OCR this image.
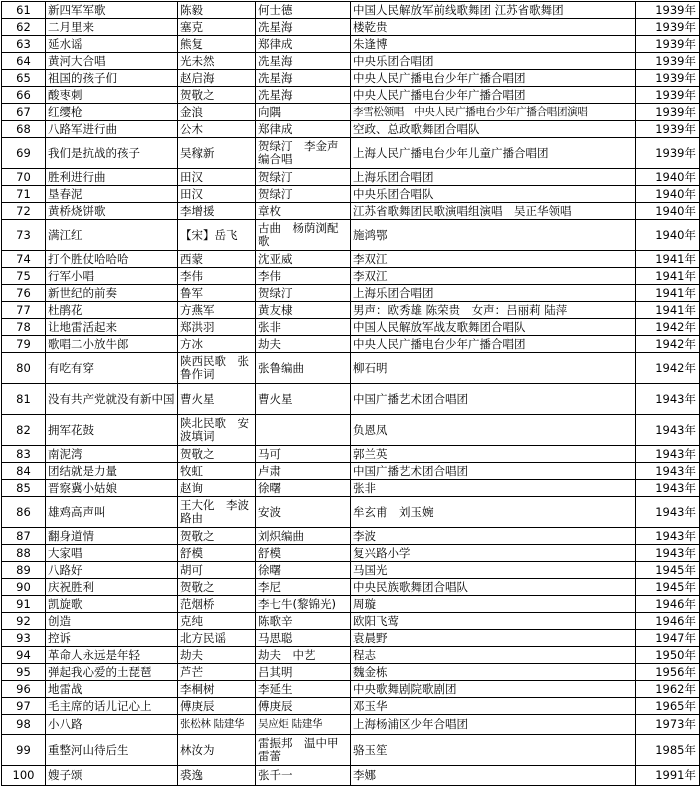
61	新四军军歌	陈毅	何士德	中国人民解放军前线歌舞团 江苏省歌舞团	1939年
62	二月里来	塞克	冼星海	楼乾贵	1939年
63	延水谣	熊复	郑律成	朱逢博	1939年
64	黄河大合唱	光未然	冼星海	中央乐团合唱团	1939年
65	祖国的孩子们	赵启海	冼星海	中央人民广播电台少年广播合唱团	1939年
66	酸枣刺	贺敬之	冼星海	中央人民广播电台少年广播合唱团	1939年
67	红缨枪	金浪	向隅	李雪松领唱　中央人民广播电台少年广播合唱团演唱	1939年
68	八路军进行曲	公木	郑律成	空政、总政歌舞团合唱队	1939年
69	我们是抗战的孩子	吴稼新	贺绿汀　李金声编合唱	上海人民广播电台少年儿童广播合唱团	1939年
70	胜利进行曲	田汉	贺绿汀	上海乐团合唱团	1940年
71	垦春泥	田汉	贺绿汀	中央乐团合唱队	1940年
72	黄桥烧饼歌	李增援	章枚	江苏省歌舞团民歌演唱组演唱　吴正华领唱	1940年
73	满江红	【宋】岳飞	古曲　杨荫浏配歌	施鸿鄂	1940年
74	打个胜仗哈哈哈	西蒙	沈亚威	李双江	1941年
75	行军小唱	李伟	李伟	李双江	1941年
76	新世纪的前奏	鲁军	贺绿汀	上海乐团合唱团	1941年
77	杜鹃花	方燕军	黄友棣	男声：欧秀雄 陈荣贵　女声：吕丽莉 陆萍	1941年
78	让地雷活起来	郑洪羽	张非	中国人民解放军战友歌舞团合唱队	1942年
79	歌唱二小放牛郎	方冰	劫夫	中央人民广播电台少年广播合唱团	1942年
80	有吃有穿	陕西民歌　张鲁作词	张鲁编曲	柳石明	1942年
81	没有共产党就没有新中国	曹火星	曹火星	中国广播艺术团合唱团	1943年
82	拥军花鼓	陕北民歌　安波填词		负恩凤	1943年
83	南泥湾	贺敬之	马可	郭兰英	1943年
84	团结就是力量	牧虹	卢肃	中国广播艺术团合唱团	1943年
85	晋察冀小姑娘	赵询	徐曙	张非	1943年
86	雄鸡高声叫	王大化　李波路由	安波	牟玄甫　刘玉婉	1943年
87	翻身道情	贺敬之	刘炽编曲	李波	1943年
88	大家唱	舒模	舒模	复兴路小学	1943年
89	八路好	胡可	徐曙	马国光	1945年
90	庆祝胜利	贺敬之	李尼	中央民族歌舞团合唱队	1945年
91	凯旋歌	范烟桥	李七牛(黎锦光)	周璇	1946年
92	创造	克纯	陈歌辛	欧阳飞莺	1946年
93	控诉	北方民谣	马思聪	袁晨野	1947年
94	革命人永远是年轻	劫夫	劫夫　中艺	程志	1950年
95	弹起我心爱的土琵琶	芦芒	吕其明	魏金栋	1956年
96	地雷战	李桐树	李延生	中央歌舞剧院歌剧团	1962年
97	毛主席的话儿记心上	傅庚辰	傅庚辰	邓玉华	1965年
98	小八路	张松林 陆建华	吴应炬 陆建华	上海杨浦区少年合唱团	1973年
99	重整河山待后生	林汝为	雷振邦　温中甲　雷蕾	骆玉笙	1985年
100	嫂子颂	裘逸	张千一	李娜	1991年
